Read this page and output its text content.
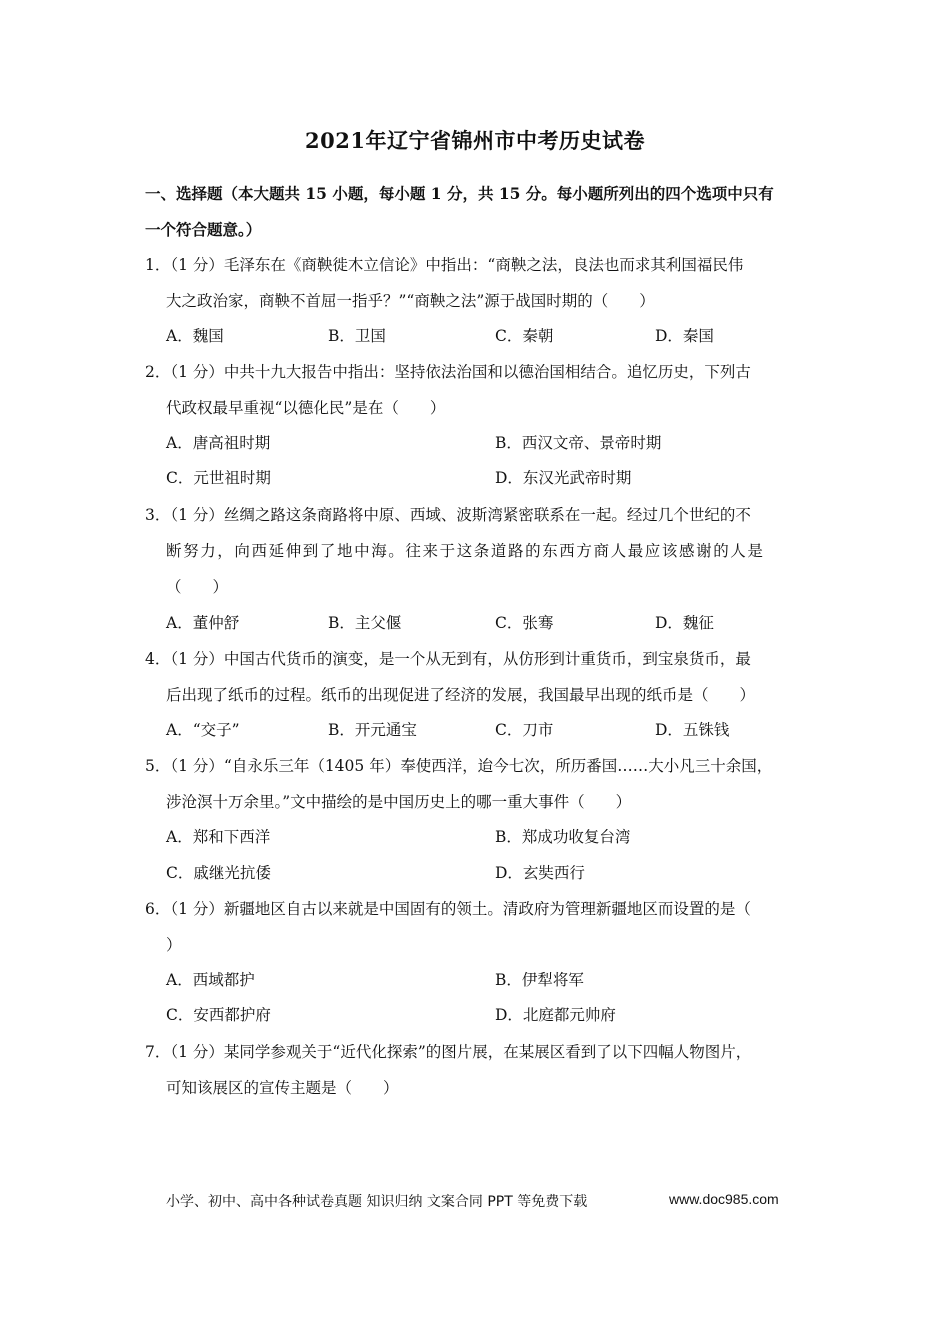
2021年辽宁省锦州市中考历史试卷
一、选择题（本大题共 15 小题，每小题 1 分，共 15 分。每小题所列出的四个选项中只有
一个符合题意。）
1．（1 分）毛泽东在《商鞅徙木立信论》中指出：“商鞅之法，良法也而求其利国福民伟
大之政治家，商鞅不首屈一指乎？”“商鞅之法”源于战国时期的（　　）
A．魏国	B．卫国	C．秦朝	D．秦国
2．（1 分）中共十九大报告中指出：坚持依法治国和以德治国相结合。追忆历史，下列古
代政权最早重视“以德化民”是在（　　）
A．唐高祖时期	B．西汉文帝、景帝时期
C．元世祖时期	D．东汉光武帝时期
3．（1 分）丝绸之路这条商路将中原、西域、波斯湾紧密联系在一起。经过几个世纪的不
断努力，向西延伸到了地中海。往来于这条道路的东西方商人最应该感谢的人是
（　　）
A．董仲舒	B．主父偃	C．张骞	D．魏征
4．（1 分）中国古代货币的演变，是一个从无到有，从仿形到计重货币，到宝泉货币，最
后出现了纸币的过程。纸币的出现促进了经济的发展，我国最早出现的纸币是（　　）
A．“交子”	B．开元通宝	C．刀市	D．五铢钱
5．（1 分）“自永乐三年（1405 年）奉使西洋，迨今七次，所历番国……大小凡三十余国，
涉沧溟十万余里。”文中描绘的是中国历史上的哪一重大事件（　　）
A．郑和下西洋	B．郑成功收复台湾
C．戚继光抗倭	D．玄奘西行
6．（1 分）新疆地区自古以来就是中国固有的领土。清政府为管理新疆地区而设置的是（
）
A．西域都护	B．伊犁将军
C．安西都护府	D．北庭都元帅府
7．（1 分）某同学参观关于“近代化探索”的图片展，在某展区看到了以下四幅人物图片，
可知该展区的宣传主题是（　　）
小学、初中、高中各种试卷真题 知识归纳 文案合同 PPT 等免费下载	www.doc985.com
